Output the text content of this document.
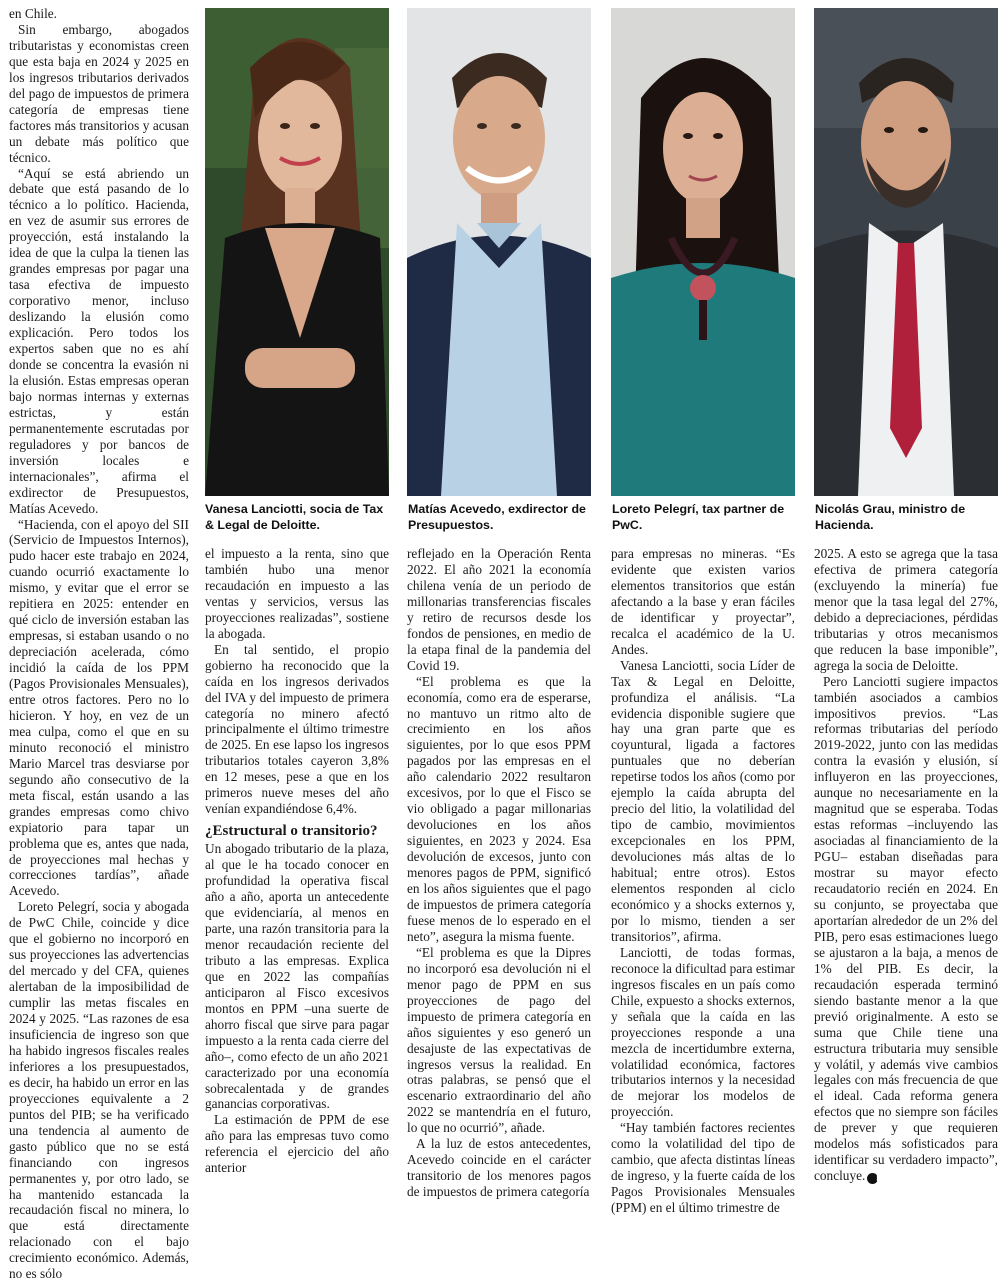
en Chile.

Sin embargo, abogados tributaristas y economistas creen que esta baja en 2024 y 2025 en los ingresos tributarios derivados del pago de impuestos de primera categoría de empresas tiene factores más transitorios y acusan un debate más político que técnico.

“Aquí se está abriendo un debate que está pasando de lo técnico a lo político. Hacienda, en vez de asumir sus errores de proyección, está instalando la idea de que la culpa la tienen las grandes empresas por pagar una tasa efectiva de impuesto corporativo menor, incluso deslizando la elusión como explicación. Pero todos los expertos saben que no es ahí donde se concentra la evasión ni la elusión. Estas empresas operan bajo normas internas y externas estrictas, y están permanentemente escrutadas por reguladores y por bancos de inversión locales e internacionales”, afirma el exdirector de Presupuestos, Matías Acevedo.

“Hacienda, con el apoyo del SII (Servicio de Impuestos Internos), pudo hacer este trabajo en 2024, cuando ocurrió exactamente lo mismo, y evitar que el error se repitiera en 2025: entender en qué ciclo de inversión estaban las empresas, si estaban usando o no depreciación acelerada, cómo incidió la caída de los PPM (Pagos Provisionales Mensuales), entre otros factores. Pero no lo hicieron. Y hoy, en vez de un mea culpa, como el que en su minuto reconoció el ministro Mario Marcel tras desviarse por segundo año consecutivo de la meta fiscal, están usando a las grandes empresas como chivo expiatorio para tapar un problema que es, antes que nada, de proyecciones mal hechas y correcciones tardías”, añade Acevedo.

Loreto Pelegrí, socia y abogada de PwC Chile, coincide y dice que el gobierno no incorporó en sus proyecciones las advertencias del mercado y del CFA, quienes alertaban de la imposibilidad de cumplir las metas fiscales en 2024 y 2025. “Las razones de esa insuficiencia de ingreso son que ha habido ingresos fiscales reales inferiores a los presupuestados, es decir, ha habido un error en las proyecciones equivalente a 2 puntos del PIB; se ha verificado una tendencia al aumento de gasto público que no se está financiando con ingresos permanentes y, por otro lado, se ha mantenido estancada la recaudación fiscal no minera, lo que está directamente relacionado con el bajo crecimiento económico. Además, no es sólo

Vanesa Lanciotti, socia de Tax & Legal de Deloitte.
Matías Acevedo, exdirector de Presupuestos.
Loreto Pelegrí, tax partner de PwC.
Nicolás Grau, ministro de Hacienda.

el impuesto a la renta, sino que también hubo una menor recaudación en impuesto a las ventas y servicios, versus las proyecciones realizadas”, sostiene la abogada.

En tal sentido, el propio gobierno ha reconocido que la caída en los ingresos derivados del IVA y del impuesto de primera categoría no minero afectó principalmente el último trimestre de 2025. En ese lapso los ingresos tributarios totales cayeron 3,8% en 12 meses, pese a que en los primeros nueve meses del año venían expandiéndose 6,4%.

¿Estructural o transitorio?

Un abogado tributario de la plaza, al que le ha tocado conocer en profundidad la operativa fiscal año a año, aporta un antecedente que evidenciaría, al menos en parte, una razón transitoria para la menor recaudación reciente del tributo a las empresas. Explica que en 2022 las compañías anticiparon al Fisco excesivos montos en PPM –una suerte de ahorro fiscal que sirve para pagar impuesto a la renta cada cierre del año–, como efecto de un año 2021 caracterizado por una economía sobrecalentada y de grandes ganancias corporativas.

La estimación de PPM de ese año para las empresas tuvo como referencia el ejercicio del año anterior

reflejado en la Operación Renta 2022. El año 2021 la economía chilena venía de un periodo de millonarias transferencias fiscales y retiro de recursos desde los fondos de pensiones, en medio de la etapa final de la pandemia del Covid 19.

“El problema es que la economía, como era de esperarse, no mantuvo un ritmo alto de crecimiento en los años siguientes, por lo que esos PPM pagados por las empresas en el año calendario 2022 resultaron excesivos, por lo que el Fisco se vio obligado a pagar millonarias devoluciones en los años siguientes, en 2023 y 2024. Esa devolución de excesos, junto con menores pagos de PPM, significó en los años siguientes que el pago de impuestos de primera categoría fuese menos de lo esperado en el neto”, asegura la misma fuente.

“El problema es que la Dipres no incorporó esa devolución ni el menor pago de PPM en sus proyecciones de pago del impuesto de primera categoría en años siguientes y eso generó un desajuste de las expectativas de ingresos versus la realidad. En otras palabras, se pensó que el escenario extraordinario del año 2022 se mantendría en el futuro, lo que no ocurrió”, añade.

A la luz de estos antecedentes, Acevedo coincide en el carácter transitorio de los menores pagos de impuestos de primera categoría

para empresas no mineras. “Es evidente que existen varios elementos transitorios que están afectando a la base y eran fáciles de identificar y proyectar”, recalca el académico de la U. Andes.

Vanesa Lanciotti, socia Líder de Tax & Legal en Deloitte, profundiza el análisis. “La evidencia disponible sugiere que hay una gran parte que es coyuntural, ligada a factores puntuales que no deberían repetirse todos los años (como por ejemplo la caída abrupta del precio del litio, la volatilidad del tipo de cambio, movimientos excepcionales en los PPM, devoluciones más altas de lo habitual; entre otros). Estos elementos responden al ciclo económico y a shocks externos y, por lo mismo, tienden a ser transitorios”, afirma.

Lanciotti, de todas formas, reconoce la dificultad para estimar ingresos fiscales en un país como Chile, expuesto a shocks externos, y señala que la caída en las proyecciones responde a una mezcla de incertidumbre externa, volatilidad económica, factores tributarios internos y la necesidad de mejorar los modelos de proyección.

“Hay también factores recientes como la volatilidad del tipo de cambio, que afecta distintas líneas de ingreso, y la fuerte caída de los Pagos Provisionales Mensuales (PPM) en el último trimestre de

2025. A esto se agrega que la tasa efectiva de primera categoría (excluyendo la minería) fue menor que la tasa legal del 27%, debido a depreciaciones, pérdidas tributarias y otros mecanismos que reducen la base imponible”, agrega la socia de Deloitte.

Pero Lanciotti sugiere impactos también asociados a cambios impositivos previos. “Las reformas tributarias del período 2019-2022, junto con las medidas contra la evasión y elusión, sí influyeron en las proyecciones, aunque no necesariamente en la magnitud que se esperaba. Todas estas reformas –incluyendo las asociadas al financiamiento de la PGU– estaban diseñadas para mostrar su mayor efecto recaudatorio recién en 2024. En su conjunto, se proyectaba que aportarían alrededor de un 2% del PIB, pero esas estimaciones luego se ajustaron a la baja, a menos de 1% del PIB. Es decir, la recaudación esperada terminó siendo bastante menor a la que previó originalmente. A esto se suma que Chile tiene una estructura tributaria muy sensible y volátil, y además vive cambios legales con más frecuencia de que el ideal. Cada reforma genera efectos que no siempre son fáciles de prever y que requieren modelos más sofisticados para identificar su verdadero impacto”, concluye. P
